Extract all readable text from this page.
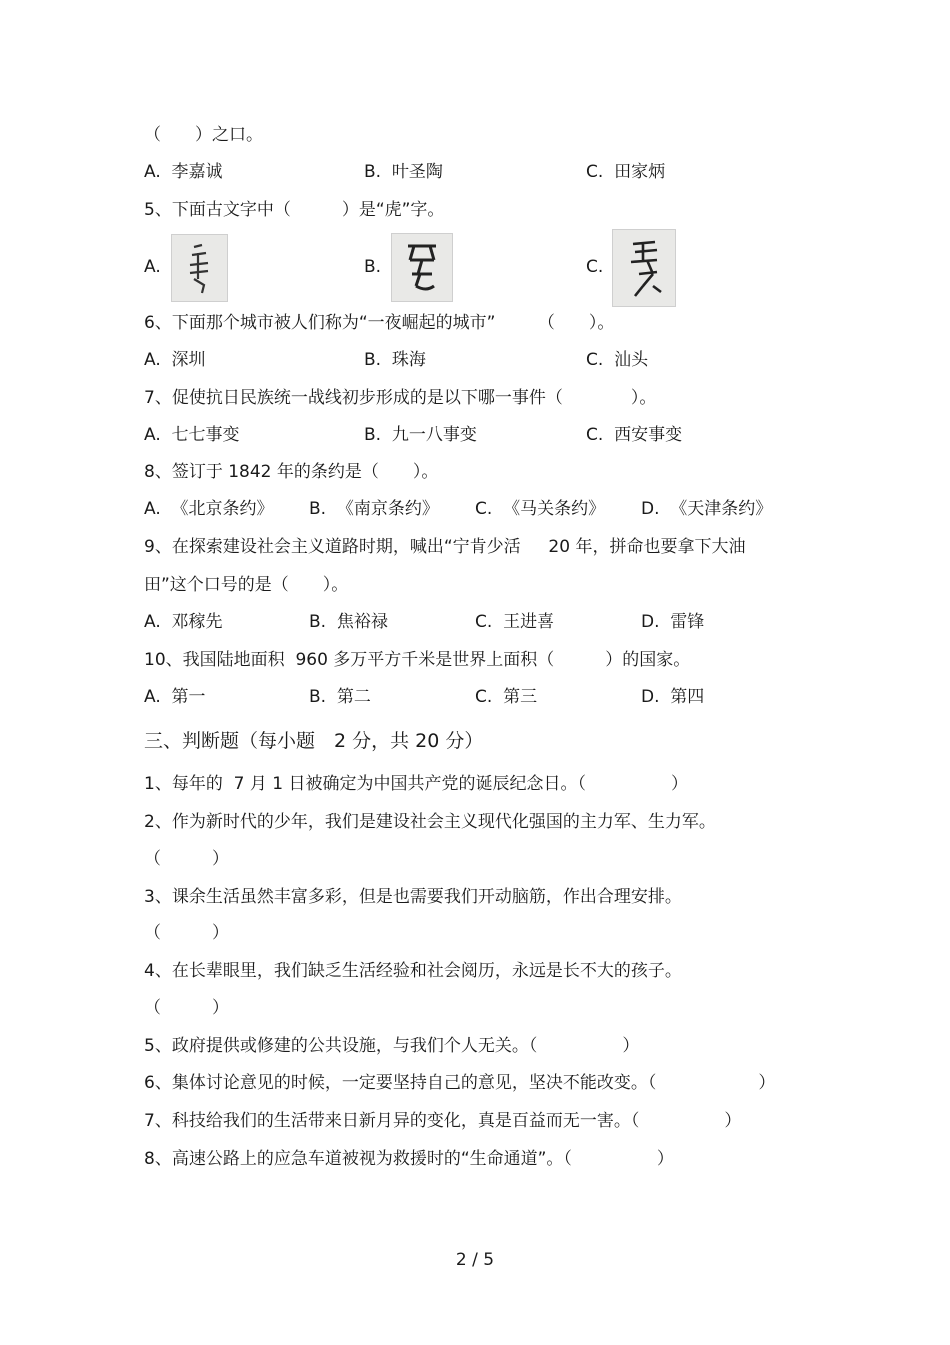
（　　）之口。
A.  李嘉诚	B.  叶圣陶	C.  田家炳
5、下面古文字中（　　　）是“虎”字。
A.	B.	C.
6、下面那个城市被人们称为“一夜崛起的城市”　　　（　　）。
A.  深圳	B.  珠海	C.  汕头
7、促使抗日民族统一战线初步形成的是以下哪一事件（　　　　）。
A.  七七事变	B.  九一八事变	C.  西安事变
8、签订于 1842 年的条约是（　　）。
A.  《北京条约》 B.  《南京条约》 C.  《马关条约》 D.  《天津条约》
9、在探索建设社会主义道路时期，喊出“宁肯少活　  20 年，拼命也要拿下大油
田”这个口号的是（　　）。
A.  邓稼先	B.  焦裕禄	C.  王进喜	D.  雷锋
10、我国陆地面积  960 多万平方千米是世界上面积（　　　）的国家。
A.  第一	B.  第二	C.  第三	D.  第四
三、判断题（每小题　2 分，共 20 分）
1、每年的  7 月 1 日被确定为中国共产党的诞辰纪念日。（　　　　　）
2、作为新时代的少年，我们是建设社会主义现代化强国的主力军、生力军。
（　　　）
3、课余生活虽然丰富多彩，但是也需要我们开动脑筋，作出合理安排。
（　　　）
4、在长辈眼里，我们缺乏生活经验和社会阅历，永远是长不大的孩子。
（　　　）
5、政府提供或修建的公共设施，与我们个人无关。（　　　　　）
6、集体讨论意见的时候，一定要坚持自己的意见，坚决不能改变。（　　　　　　）
7、科技给我们的生活带来日新月异的变化，真是百益而无一害。（　　　　　）
8、高速公路上的应急车道被视为救援时的“生命通道”。（　　　　　）
2 / 5
